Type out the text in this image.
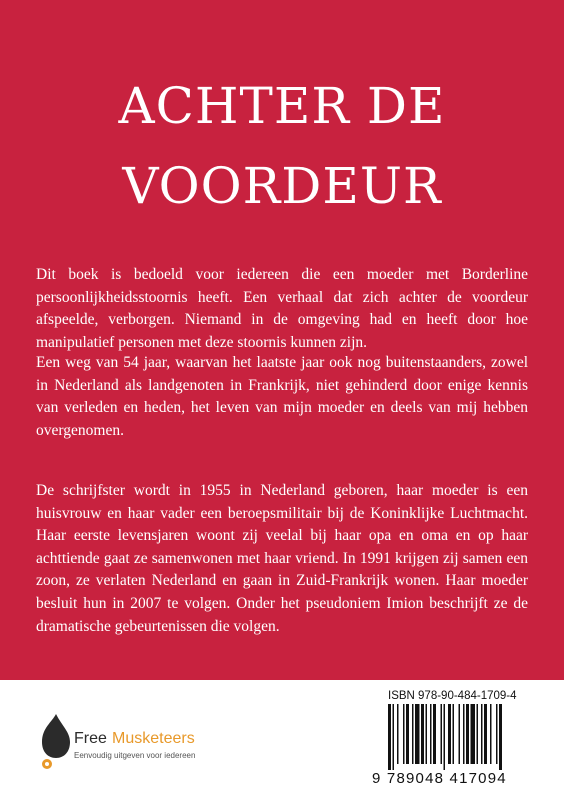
ACHTER DE
VOORDEUR

Dit boek is bedoeld voor iedereen die een moeder met Borderline persoonlijkheidsstoornis heeft. Een verhaal dat zich achter de voordeur afspeelde, verborgen. Niemand in de omgeving had en heeft door hoe manipulatief personen met deze stoornis kunnen zijn.

Een weg van 54 jaar, waarvan het laatste jaar ook nog buitenstaanders, zowel in Nederland als landgenoten in Frankrijk, niet gehinderd door enige kennis van verleden en heden, het leven van mijn moeder en deels van mij hebben overgenomen.

De schrijfster wordt in 1955 in Nederland geboren, haar moeder is een huisvrouw en haar vader een beroepsmilitair bij de Koninklijke Luchtmacht. Haar eerste levensjaren woont zij veelal bij haar opa en oma en op haar achttiende gaat ze samenwonen met haar vriend. In 1991 krijgen zij samen een zoon, ze verlaten Nederland en gaan in Zuid-Frankrijk wonen. Haar moeder besluit hun in 2007 te volgen. Onder het pseudoniem Imion beschrijft ze de dramatische gebeurtenissen die volgen.

Free Musketeers
Eenvoudig uitgeven voor iedereen
ISBN 978-90-484-1709-4
9 789048 417094
